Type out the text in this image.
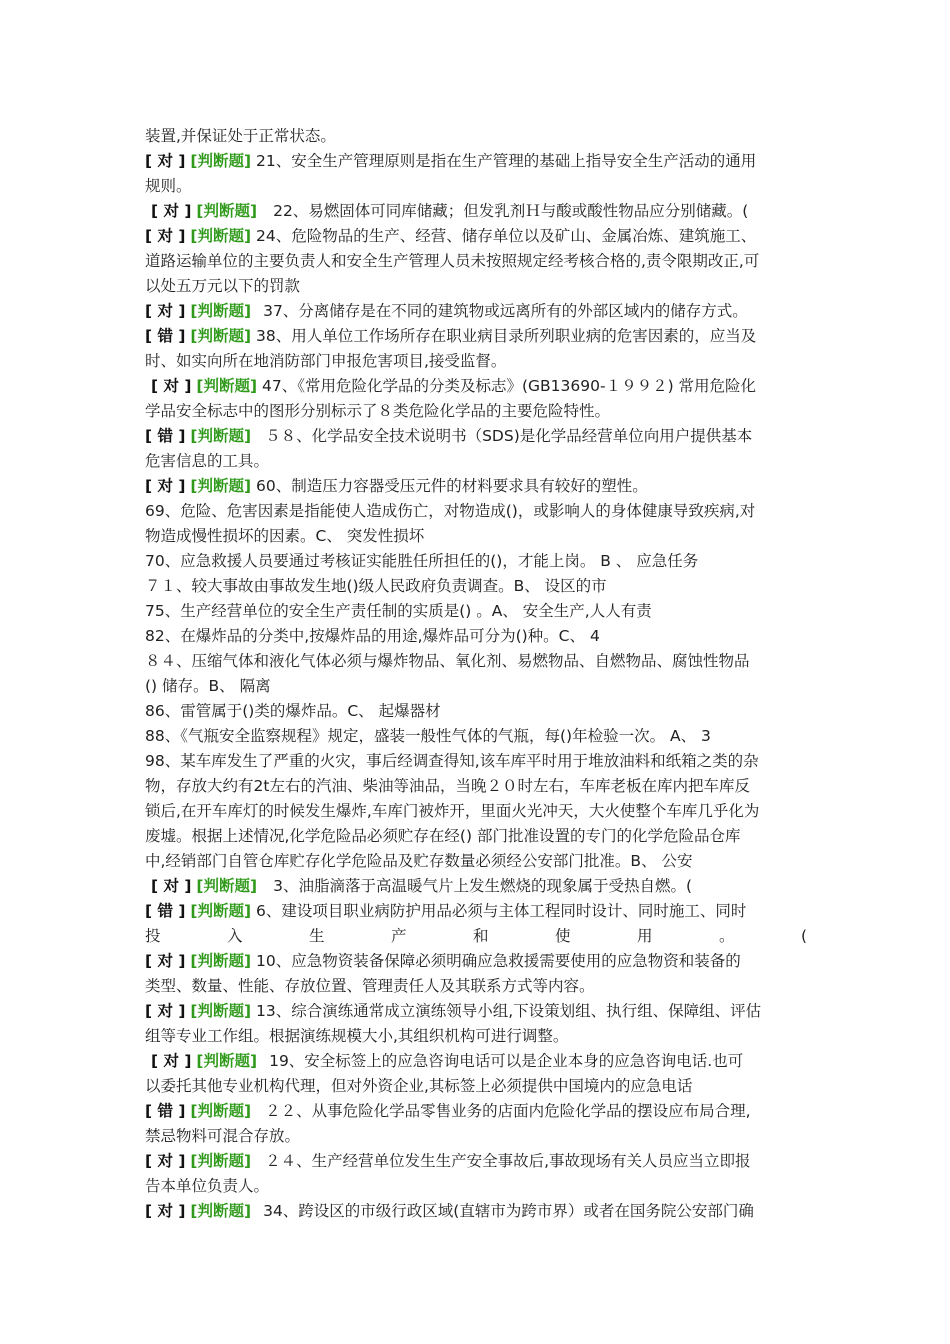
装置,并保证处于正常状态。
[ 对 ] [判断题] 21、安全生产管理原则是指在生产管理的基础上指导安全生产活动的通用
规则。
[ 对 ] [判断题] 22、易燃固体可同库储藏；但发乳剂Ｈ与酸或酸性物品应分别储藏。(
[ 对 ] [判断题] 24、危险物品的生产、经营、储存单位以及矿山、金属冶炼、建筑施工、
道路运输单位的主要负责人和安全生产管理人员未按照规定经考核合格的,责令限期改正,可
以处五万元以下的罚款
[ 对 ] [判断题] 37、分离储存是在不同的建筑物或远离所有的外部区域内的储存方式。
[ 错 ] [判断题] 38、用人单位工作场所存在职业病目录所列职业病的危害因素的，应当及
时、如实向所在地消防部门申报危害项目,接受监督。
[ 对 ] [判断题] 47、《常用危险化学品的分类及标志》(GB13690-１９９２) 常用危险化
学品安全标志中的图形分别标示了８类危险化学品的主要危险特性。
[ 错 ] [判断题] ５８、化学品安全技术说明书（SDS)是化学品经营单位向用户提供基本
危害信息的工具。
[ 对 ] [判断题] 60、制造压力容器受压元件的材料要求具有较好的塑性。
69、危险、危害因素是指能使人造成伤亡，对物造成()，或影响人的身体健康导致疾病,对
物造成慢性损坏的因素。C、 突发性损坏
70、应急救援人员要通过考核证实能胜任所担任的()，才能上岗。 B 、 应急任务
７１、较大事故由事故发生地()级人民政府负责调查。B、 设区的市
75、生产经营单位的安全生产责任制的实质是() 。A、 安全生产,人人有责
82、在爆炸品的分类中,按爆炸品的用途,爆炸品可分为()种。C、 4
８４、压缩气体和液化气体必须与爆炸物品、氧化剂、易燃物品、自燃物品、腐蚀性物品
() 储存。B、 隔离
86、雷管属于()类的爆炸品。C、 起爆器材
88、《气瓶安全监察规程》规定，盛装一般性气体的气瓶，每()年检验一次。 A、 3
98、某车库发生了严重的火灾，事后经调查得知,该车库平时用于堆放油料和纸箱之类的杂
物，存放大约有2t左右的汽油、柴油等油品，当晚２０时左右，车库老板在库内把车库反
锁后,在开车库灯的时候发生爆炸,车库门被炸开，里面火光冲天，大火使整个车库几乎化为
废墟。根据上述情况,化学危险品必须贮存在经() 部门批准设置的专门的化学危险品仓库
中,经销部门自管仓库贮存化学危险品及贮存数量必须经公安部门批准。B、 公安
[ 对 ] [判断题] 3、油脂滴落于高温暖气片上发生燃烧的现象属于受热自燃。(
[ 错 ] [判断题] 6、建设项目职业病防护用品必须与主体工程同时设计、同时施工、同时
投入生产和使用。(
[ 对 ] [判断题] 10、应急物资装备保障必须明确应急救援需要使用的应急物资和装备的
类型、数量、性能、存放位置、管理责任人及其联系方式等内容。
[ 对 ] [判断题] 13、综合演练通常成立演练领导小组,下设策划组、执行组、保障组、评估
组等专业工作组。根据演练规模大小,其组织机构可进行调整。
[ 对 ] [判断题] 19、安全标签上的应急咨询电话可以是企业本身的应急咨询电话.也可
以委托其他专业机构代理，但对外资企业,其标签上必须提供中国境内的应急电话
[ 错 ] [判断题] ２２、从事危险化学品零售业务的店面内危险化学品的摆设应布局合理,
禁忌物料可混合存放。
[ 对 ] [判断题] ２４、生产经营单位发生生产安全事故后,事故现场有关人员应当立即报
告本单位负责人。
[ 对 ] [判断题] 34、跨设区的市级行政区域(直辖市为跨市界）或者在国务院公安部门确
